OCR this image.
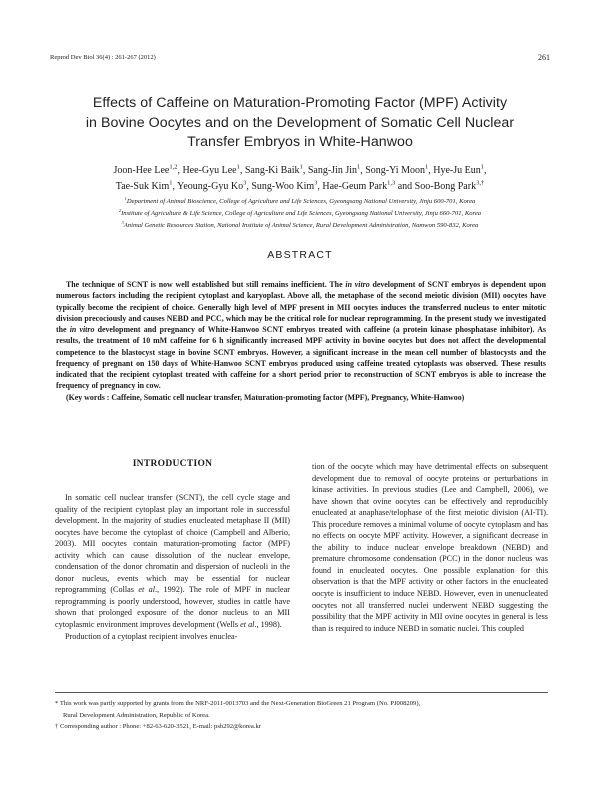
Reprod Dev Biol 36(4) : 261-267 (2012)	261
Effects of Caffeine on Maturation-Promoting Factor (MPF) Activity
in Bovine Oocytes and on the Development of Somatic Cell Nuclear
Transfer Embryos in White-Hanwoo
Joon-Hee Lee$^{1,2}$, Hee-Gyu Lee$^1$, Sang-Ki Baik$^1$, Sang-Jin Jin$^1$, Song-Yi Moon$^1$, Hye-Ju Eun$^1$,
Tae-Suk Kim$^1$, Yeoung-Gyu Ko$^3$, Sung-Woo Kim$^3$, Hae-Geum Park$^{1,3}$ and Soo-Bong Park$^{3,\dagger}$
$^1$Department of Animal Bioscience, College of Agriculture and Life Sciences, Gyeongsang National University, Jinju 600-701, Korea
$^2$Institute of Agriculture & Life Science, College of Agriculture and Life Sciences, Gyeongsang National University, Jinju 660-701, Korea
$^3$Animal Genetic Resources Station, National Institute of Animal Science, Rural Development Administration, Namwon 590-832, Korea
ABSTRACT

The technique of SCNT is now well established but still remains inefficient. The in vitro development of SCNT embryos is dependent upon numerous factors including the recipient cytoplast and karyoplast. Above all, the metaphase of the second meiotic division (MII) oocytes have typically become the recipient of choice. Generally high level of MPF present in MII oocytes induces the transferred nucleus to enter mitotic division precociously and causes NEBD and PCC, which may be the critical role for nuclear reprogramming. In the present study we investigated the in vitro development and pregnancy of White-Hanwoo SCNT embryos treated with caffeine (a protein kinase phosphatase inhibitor). As results, the treatment of 10 mM caffeine for 6 h significantly increased MPF activity in bovine oocytes but does not affect the developmental competence to the blastocyst stage in bovine SCNT embryos. However, a significant increase in the mean cell number of blastocysts and the frequency of pregnant on 150 days of White-Hanwoo SCNT embryos produced using caffeine treated cytoplasts was observed. These results indicated that the recipient cytoplast treated with caffeine for a short period prior to reconstruction of SCNT embryos is able to increase the frequency of pregnancy in cow.

(Key words : Caffeine, Somatic cell nuclear transfer, Maturation-promoting factor (MPF), Pregnancy, White-Hanwoo)

INTRODUCTION

In somatic cell nuclear transfer (SCNT), the cell cycle stage and quality of the recipient cytoplast play an important role in successful development. In the majority of studies enucleated metaphase II (MII) oocytes have become the cytoplast of choice (Campbell and Alberio, 2003). MII oocytes contain maturation-promoting factor (MPF) activity which can cause dissolution of the nuclear envelope, condensation of the donor chromatin and dispersion of nucleoli in the donor nucleus, events which may be essential for nuclear reprogramming (Collas et al., 1992). The role of MPF in nuclear reprogramming is poorly understood, however, studies in cattle have shown that prolonged exposure of the donor nucleus to an MII cytoplasmic environment improves development (Wells et al., 1998).

Production of a cytoplast recipient involves enuclea-

tion of the oocyte which may have detrimental effects on subsequent development due to removal of oocyte proteins or perturbations in kinase activities. In previous studies (Lee and Campbell, 2006), we have shown that ovine oocytes can be effectively and reproducibly enucleated at anaphase/telophase of the first meiotic division (AI-TI). This procedure removes a minimal volume of oocyte cytoplasm and has no effects on oocyte MPF activity. However, a significant decrease in the ability to induce nuclear envelope breakdown (NEBD) and premature chromosome condensation (PCC) in the donor nucleus was found in enucleated oocytes. One possible explanation for this observation is that the MPF activity or other factors in the enucleated oocyte is insufficient to induce NEBD. However, even in unenucleated oocytes not all transferred nuclei underwent NEBD suggesting the possibility that the MPF activity in MII ovine oocytes in general is less than is required to induce NEBD in somatic nuclei. This coupled

* This work was partly supported by grants from the NRF-2011-0013703 and the Next-Generation BioGreen 21 Program (No. PJ008209),
Rural Development Administration, Republic of Korea.
† Corresponding author : Phone: +82-63-620-3521, E-mail: psb292@korea.kr
